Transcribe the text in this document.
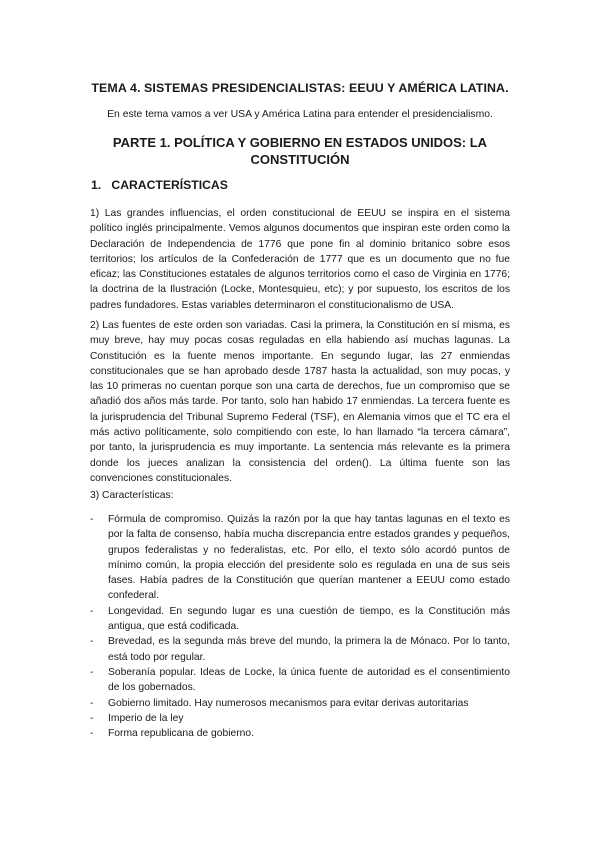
TEMA 4. SISTEMAS PRESIDENCIALISTAS: EEUU Y AMÉRICA LATINA.
En este tema vamos a ver USA y América Latina para entender el presidencialismo.
PARTE 1. POLÍTICA Y GOBIERNO EN ESTADOS UNIDOS: LA CONSTITUCIÓN
1. CARACTERÍSTICAS
1) Las grandes influencias, el orden constitucional de EEUU se inspira en el sistema político inglés principalmente. Vemos algunos documentos que inspiran este orden como la Declaración de Independencia de 1776 que pone fin al dominio britanico sobre esos territorios; los artículos de la Confederación de 1777 que es un documento que no fue eficaz; las Constituciones estatales de algunos territorios como el caso de Virginia en 1776; la doctrina de la Ilustración (Locke, Montesquieu, etc); y por supuesto, los escritos de los padres fundadores. Estas variables determinaron el constitucionalismo de USA.
2) Las fuentes de este orden son variadas. Casi la primera, la Constitución en sí misma, es muy breve, hay muy pocas cosas reguladas en ella habiendo así muchas lagunas. La Constitución es la fuente menos importante. En segundo lugar, las 27 enmiendas constitucionales que se han aprobado desde 1787 hasta la actualidad, son muy pocas, y las 10 primeras no cuentan porque son una carta de derechos, fue un compromiso que se añadió dos años más tarde. Por tanto, solo han habido 17 enmiendas. La tercera fuente es la jurisprudencia del Tribunal Supremo Federal (TSF), en Alemania vimos que el TC era el más activo políticamente, solo compitiendo con este, lo han llamado “la tercera cámara”, por tanto, la jurisprudencia es muy importante. La sentencia más relevante es la primera donde los jueces analizan la consistencia del orden(). La última fuente son las convenciones constitucionales.
3) Características:
- Fórmula de compromiso. Quizás la razón por la que hay tantas lagunas en el texto es por la falta de consenso, había mucha discrepancia entre estados grandes y pequeños, grupos federalistas y no federalistas, etc. Por ello, el texto sólo acordó puntos de mínimo común, la propia elección del presidente solo es regulada en una de sus seis fases. Había padres de la Constitución que querían mantener a EEUU como estado confederal.
- Longevidad. En segundo lugar es una cuestión de tiempo, es la Constitución más antigua, que está codificada.
- Brevedad, es la segunda más breve del mundo, la primera la de Mónaco. Por lo tanto, está todo por regular.
- Soberanía popular. Ideas de Locke, la única fuente de autoridad es el consentimiento de los gobernados.
- Gobierno limitado. Hay numerosos mecanismos para evitar derivas autoritarias
- Imperio de la ley
- Forma republicana de gobierno.
